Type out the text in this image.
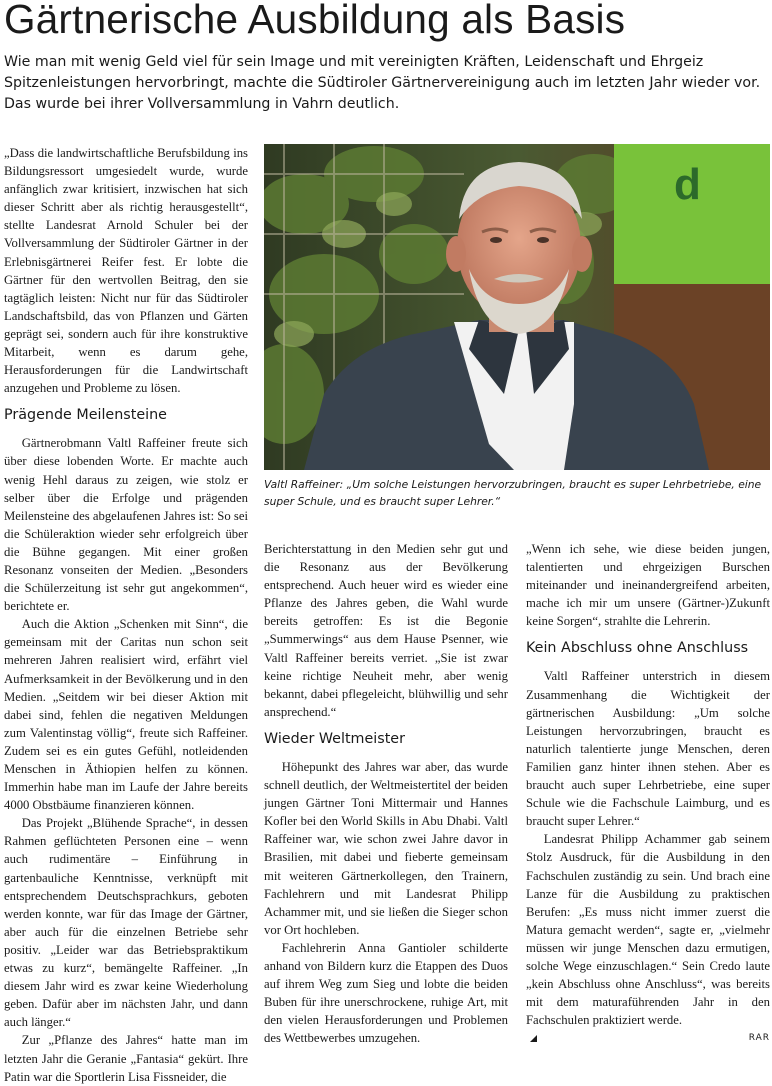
Gärtnerische Ausbildung als Basis

Wie man mit wenig Geld viel für sein Image und mit vereinigten Kräften, Leidenschaft und Ehrgeiz Spitzenleistungen hervorbringt, machte die Südtiroler Gärtnervereinigung auch im letzten Jahr wieder vor. Das wurde bei ihrer Vollversammlung in Vahrn deutlich.

„Dass die landwirtschaftliche Berufsbildung ins Bildungsressort umgesiedelt wurde, wurde anfänglich zwar kritisiert, inzwischen hat sich dieser Schritt aber als richtig herausgestellt“, stellte Landesrat Arnold Schuler bei der Vollversammlung der Südtiroler Gärtner in der Erlebnisgärtnerei Reifer fest. Er lobte die Gärtner für den wertvollen Beitrag, den sie tagtäglich leisten: Nicht nur für das Südtiroler Landschaftsbild, das von Pflanzen und Gärten geprägt sei, sondern auch für ihre konstruktive Mitarbeit, wenn es darum gehe, Herausforderungen für die Landwirtschaft anzugehen und Probleme zu lösen.

Prägende Meilensteine

Gärtnerobmann Valtl Raffeiner freute sich über diese lobenden Worte. Er machte auch wenig Hehl daraus zu zeigen, wie stolz er selber über die Erfolge und prägenden Meilensteine des abgelaufenen Jahres ist: So sei die Schüleraktion wieder sehr erfolgreich über die Bühne gegangen. Mit einer großen Resonanz vonseiten der Medien. „Besonders die Schülerzeitung ist sehr gut angekommen“, berichtete er.

Auch die Aktion „Schenken mit Sinn“, die gemeinsam mit der Caritas nun schon seit mehreren Jahren realisiert wird, erfährt viel Aufmerksamkeit in der Bevölkerung und in den Medien. „Seitdem wir bei dieser Aktion mit dabei sind, fehlen die negativen Meldungen zum Valentinstag völlig“, freute sich Raffeiner. Zudem sei es ein gutes Gefühl, notleidenden Menschen in Äthiopien helfen zu können. Immerhin habe man im Laufe der Jahre bereits 4000 Obstbäume finanzieren können.

Das Projekt „Blühende Sprache“, in dessen Rahmen geflüchteten Personen eine – wenn auch rudimentäre – Einführung in gartenbauliche Kenntnisse, verknüpft mit entsprechendem Deutschsprachkurs, geboten werden konnte, war für das Image der Gärtner, aber auch für die einzelnen Betriebe sehr positiv. „Leider war das Betriebspraktikum etwas zu kurz“, bemängelte Raffeiner. „In diesem Jahr wird es zwar keine Wiederholung geben. Dafür aber im nächsten Jahr, und dann auch länger.“

Zur „Pflanze des Jahres“ hatte man im letzten Jahr die Geranie „Fantasia“ gekürt. Ihre Patin war die Sportlerin Lisa Fissneider, die

d

Valtl Raffeiner: „Um solche Leistungen hervorzubringen, braucht es super Lehrbetriebe, eine super Schule, und es braucht super Lehrer.“

Berichterstattung in den Medien sehr gut und die Resonanz aus der Bevölkerung entsprechend. Auch heuer wird es wieder eine Pflanze des Jahres geben, die Wahl wurde bereits getroffen: Es ist die Begonie „Summerwings“ aus dem Hause Psenner, wie Valtl Raffeiner bereits verriet. „Sie ist zwar keine richtige Neuheit mehr, aber wenig bekannt, dabei pflegeleicht, blühwillig und sehr ansprechend.“

Wieder Weltmeister

Höhepunkt des Jahres war aber, das wurde schnell deutlich, der Weltmeistertitel der beiden jungen Gärtner Toni Mittermair und Hannes Kofler bei den World Skills in Abu Dhabi. Valtl Raffeiner war, wie schon zwei Jahre davor in Brasilien, mit dabei und fieberte gemeinsam mit weiteren Gärtnerkollegen, den Trainern, Fachlehrern und mit Landesrat Philipp Achammer mit, und sie ließen die Sieger schon vor Ort hochleben.

Fachlehrerin Anna Gantioler schilderte anhand von Bildern kurz die Etappen des Duos auf ihrem Weg zum Sieg und lobte die beiden Buben für ihre unerschrockene, ruhige Art, mit den vielen Herausforderungen und Problemen des Wettbewerbes umzugehen.

„Wenn ich sehe, wie diese beiden jungen, talentierten und ehrgeizigen Burschen miteinander und ineinandergreifend arbeiten, mache ich mir um unsere (Gärtner-)Zukunft keine Sorgen“, strahlte die Lehrerin.

Kein Abschluss ohne Anschluss

Valtl Raffeiner unterstrich in diesem Zusammenhang die Wichtigkeit der gärtnerischen Ausbildung: „Um solche Leistungen hervorzubringen, braucht es naturlich talentierte junge Menschen, deren Familien ganz hinter ihnen stehen. Aber es braucht auch super Lehrbetriebe, eine super Schule wie die Fachschule Laimburg, und es braucht super Lehrer.“

Landesrat Philipp Achammer gab seinem Stolz Ausdruck, für die Ausbildung in den Fachschulen zuständig zu sein. Und brach eine Lanze für die Ausbildung zu praktischen Berufen: „Es muss nicht immer zuerst die Matura gemacht werden“, sagte er, „vielmehr müssen wir junge Menschen dazu ermutigen, solche Wege einzuschlagen.“ Sein Credo laute „kein Abschluss ohne Anschluss“, was bereits mit dem maturaführenden Jahr in den Fachschulen praktiziert werde.

RAR
